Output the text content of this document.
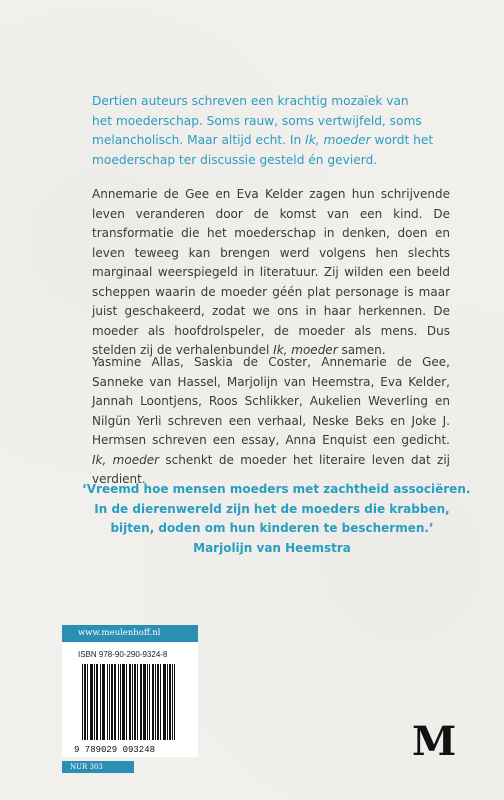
Dertien auteurs schreven een krachtig mozaïek van
het moederschap. Soms rauw, soms vertwijfeld, soms
melancholisch. Maar altijd echt. In Ik, moeder wordt het
moederschap ter discussie gesteld én gevierd.
Annemarie de Gee en Eva Kelder zagen hun schrijvende leven veranderen door de komst van een kind. De transformatie die het moederschap in denken, doen en leven teweeg kan brengen werd volgens hen slechts marginaal weerspiegeld in literatuur. Zij wilden een beeld scheppen waarin de moeder géén plat personage is maar juist geschakeerd, zodat we ons in haar herkennen. De moeder als hoofdrolspeler, de moeder als mens. Dus stelden zij de verhalenbundel Ik, moeder samen.
Yasmine Allas, Saskia de Coster, Annemarie de Gee, Sanneke van Hassel, Marjolijn van Heemstra, Eva Kelder, Jannah Loontjens, Roos Schlikker, Aukelien Weverling en Nilgün Yerli schreven een verhaal, Neske Beks en Joke J. Hermsen schreven een essay, Anna Enquist een gedicht. Ik, moeder schenkt de moeder het literaire leven dat zij verdient.
‘Vreemd hoe mensen moeders met zachtheid associëren.
In de dierenwereld zijn het de moeders die krabben,
bijten, doden om hun kinderen te beschermen.’
Marjolijn van Heemstra
www.meulenhoff.nl
ISBN 978-90-290-9324-8
9 789029 093248
NUR 303
M
